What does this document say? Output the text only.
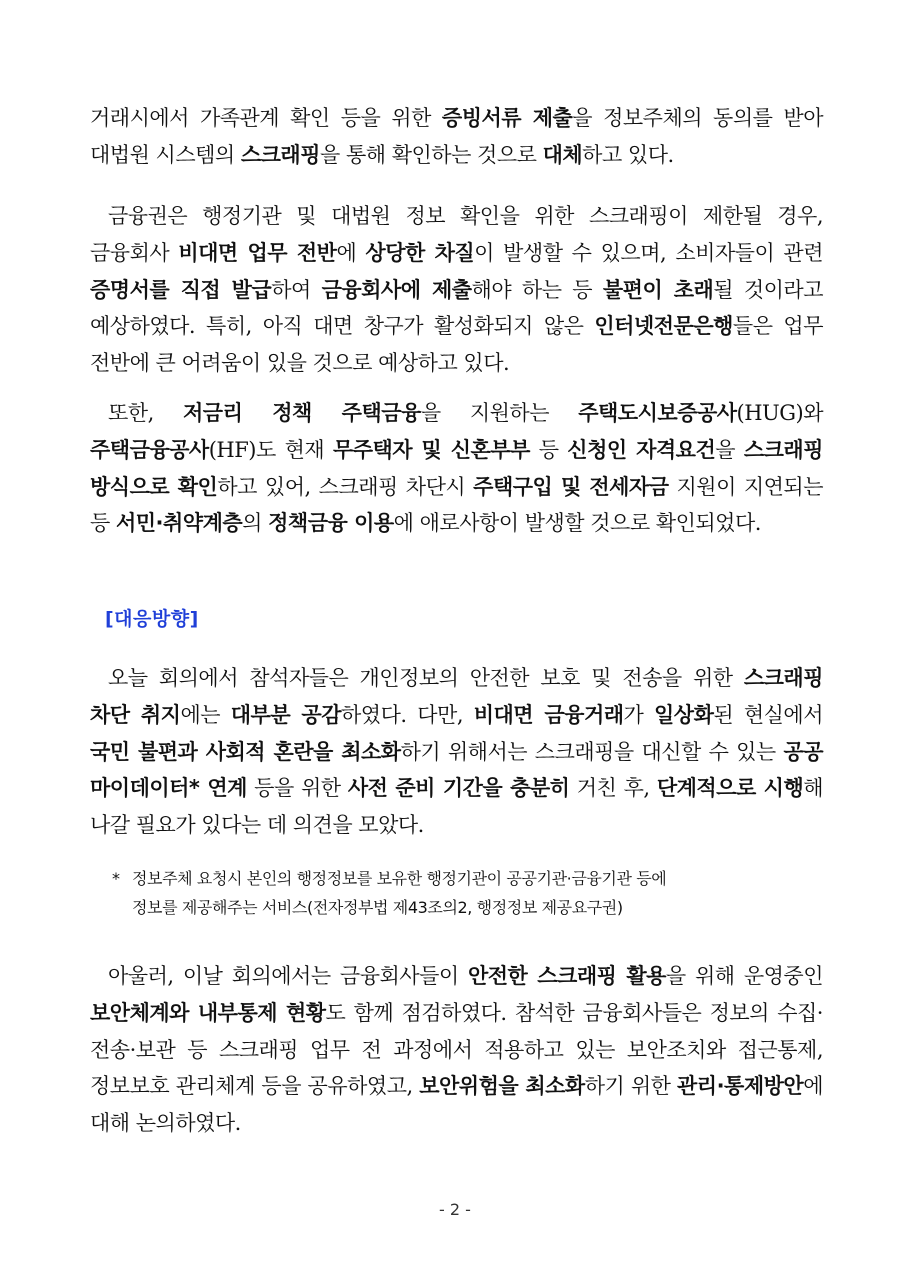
거래시에서 가족관계 확인 등을 위한 증빙서류 제출을 정보주체의 동의를 받아 대법원 시스템의 스크래핑을 통해 확인하는 것으로 대체하고 있다.

금융권은 행정기관 및 대법원 정보 확인을 위한 스크래핑이 제한될 경우, 금융회사 비대면 업무 전반에 상당한 차질이 발생할 수 있으며, 소비자들이 관련 증명서를 직접 발급하여 금융회사에 제출해야 하는 등 불편이 초래될 것이라고 예상하였다. 특히, 아직 대면 창구가 활성화되지 않은 인터넷전문은행들은 업무 전반에 큰 어려움이 있을 것으로 예상하고 있다.

또한, 저금리 정책 주택금융을 지원하는 주택도시보증공사(HUG)와 주택금융공사(HF)도 현재 무주택자 및 신혼부부 등 신청인 자격요건을 스크래핑 방식으로 확인하고 있어, 스크래핑 차단시 주택구입 및 전세자금 지원이 지연되는 등 서민·취약계층의 정책금융 이용에 애로사항이 발생할 것으로 확인되었다.

[대응방향]

오늘 회의에서 참석자들은 개인정보의 안전한 보호 및 전송을 위한 스크래핑 차단 취지에는 대부분 공감하였다. 다만, 비대면 금융거래가 일상화된 현실에서 국민 불편과 사회적 혼란을 최소화하기 위해서는 스크래핑을 대신할 수 있는 공공 마이데이터* 연계 등을 위한 사전 준비 기간을 충분히 거친 후, 단계적으로 시행해 나갈 필요가 있다는 데 의견을 모았다.

* 정보주체 요청시 본인의 행정정보를 보유한 행정기관이 공공기관·금융기관 등에
정보를 제공해주는 서비스(전자정부법 제43조의2, 행정정보 제공요구권)

아울러, 이날 회의에서는 금융회사들이 안전한 스크래핑 활용을 위해 운영중인 보안체계와 내부통제 현황도 함께 점검하였다. 참석한 금융회사들은 정보의 수집·전송·보관 등 스크래핑 업무 전 과정에서 적용하고 있는 보안조치와 접근통제, 정보보호 관리체계 등을 공유하였고, 보안위험을 최소화하기 위한 관리·통제방안에 대해 논의하였다.

- 2 -
